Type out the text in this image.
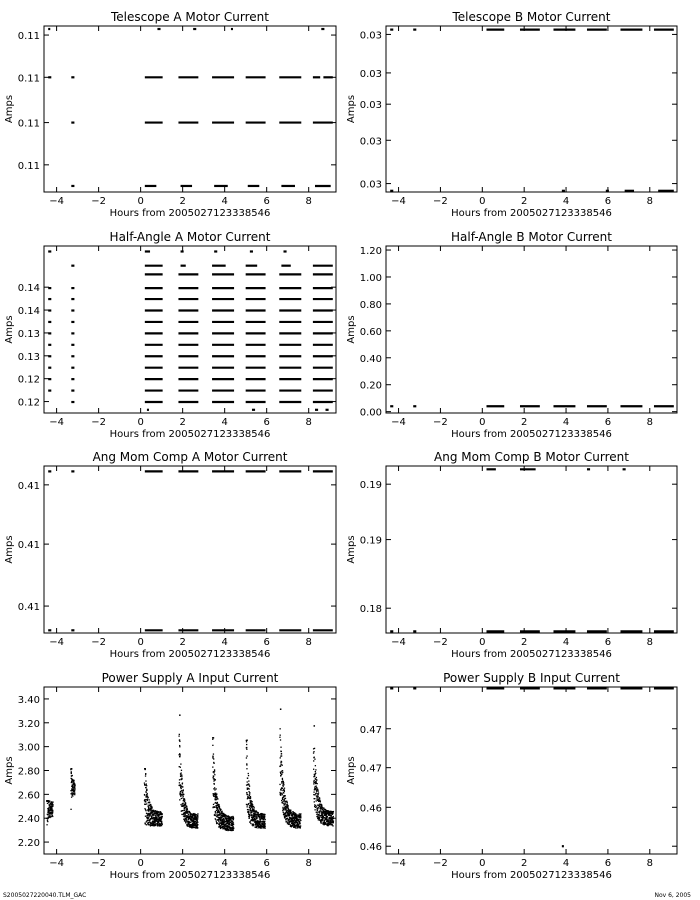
Telescope A Motor Current
−4	−2	0	2	4	6	8
0.11
0.11
0.11
0.11
Hours from 2005027123338546
Amps
Telescope B Motor Current
−4	−2	0	2	4	6	8
0.03
0.03
0.03
0.03
0.03
Hours from 2005027123338546
Amps
Half-Angle A Motor Current
−4	−2	0	2	4	6	8
0.12
0.12
0.13
0.13
0.14
0.14
Hours from 2005027123338546
Amps
Half-Angle B Motor Current
−4	−2	0	2	4	6	8
0.00
0.20
0.40
0.60
0.80
1.00
1.20
Hours from 2005027123338546
Amps
Ang Mom Comp A Motor Current
−4	−2	0	2	4	6	8
0.41
0.41
0.41
Hours from 2005027123338546
Amps
Ang Mom Comp B Motor Current
−4	−2	0	2	4	6	8
0.18
0.19
0.19
Hours from 2005027123338546
Amps
Power Supply A Input Current
−4	−2	0	2	4	6	8
2.20
2.40
2.60
2.80
3.00
3.20
3.40
Hours from 2005027123338546
Amps
Power Supply B Input Current
−4	−2	0	2	4	6	8
0.46
0.46
0.47
0.47
Hours from 2005027123338546
Amps
S2005027220040.TLM_GAC	Nov 6, 2005
